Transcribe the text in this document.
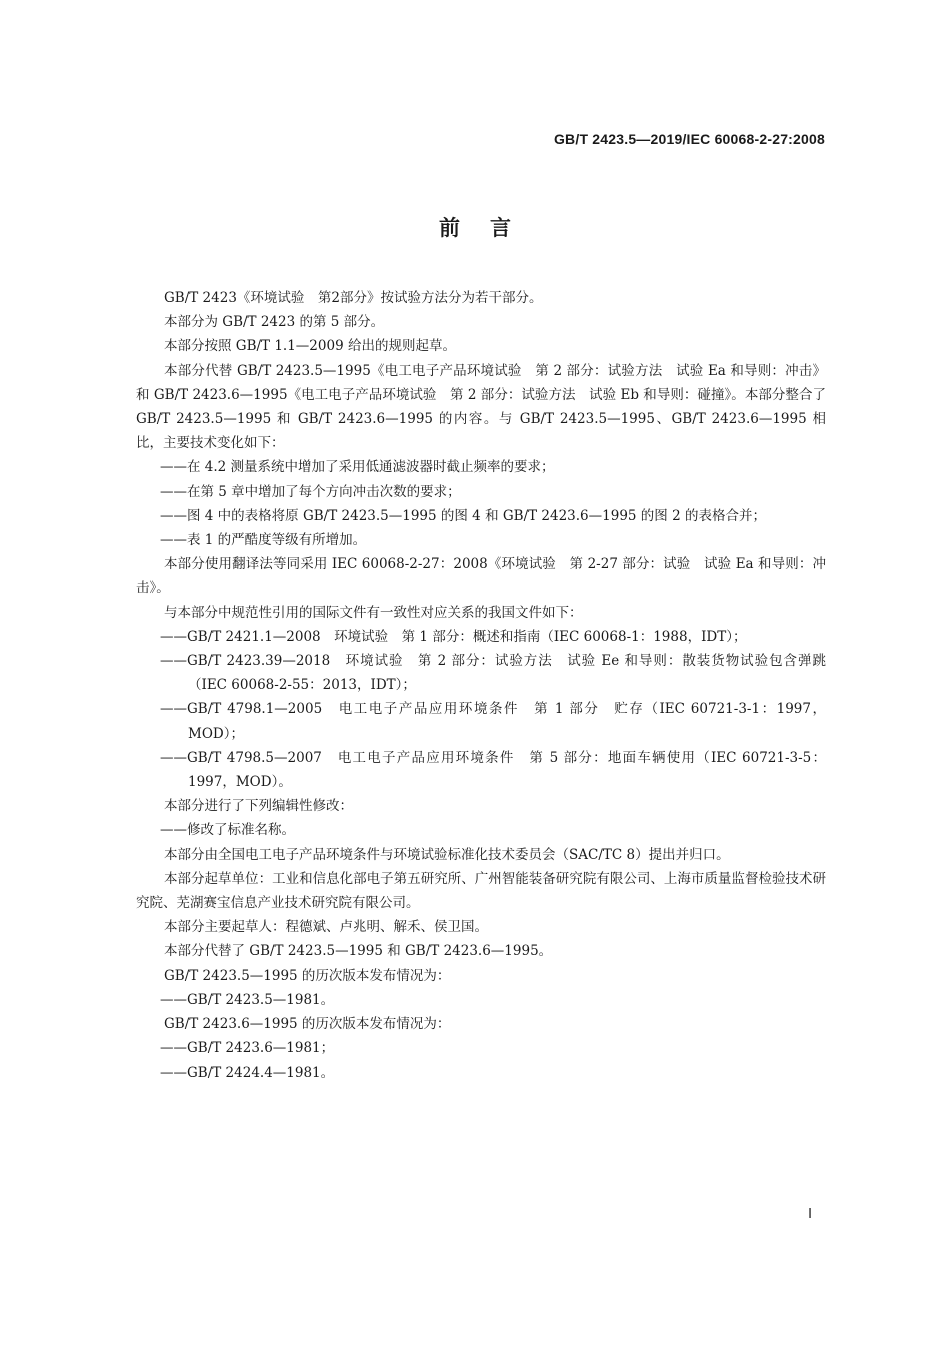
GB/T 2423.5—2019/IEC 60068-2-27:2008
前言

GB/T 2423《环境试验　第2部分》按试验方法分为若干部分。

本部分为 GB/T 2423 的第 5 部分。

本部分按照 GB/T 1.1—2009 给出的规则起草。

本部分代替 GB/T 2423.5—1995《电工电子产品环境试验　第 2 部分：试验方法　试验 Ea 和导则：冲击》和 GB/T 2423.6—1995《电工电子产品环境试验　第 2 部分：试验方法　试验 Eb 和导则：碰撞》。本部分整合了 GB/T 2423.5—1995 和 GB/T 2423.6—1995 的内容。与 GB/T 2423.5—1995、GB/T 2423.6—1995 相比，主要技术变化如下：

——在 4.2 测量系统中增加了采用低通滤波器时截止频率的要求；

——在第 5 章中增加了每个方向冲击次数的要求；

——图 4 中的表格将原 GB/T 2423.5—1995 的图 4 和 GB/T 2423.6—1995 的图 2 的表格合并；

——表 1 的严酷度等级有所增加。

本部分使用翻译法等同采用 IEC 60068-2-27：2008《环境试验　第 2-27 部分：试验　试验 Ea 和导则：冲击》。

与本部分中规范性引用的国际文件有一致性对应关系的我国文件如下：

——GB/T 2421.1—2008　环境试验　第 1 部分：概述和指南（IEC 60068-1：1988，IDT）；

——GB/T 2423.39—2018　环境试验　第 2 部分：试验方法　试验 Ee 和导则：散装货物试验包含弹跳（IEC 60068-2-55：2013，IDT）；

——GB/T 4798.1—2005　电工电子产品应用环境条件　第 1 部分　贮存（IEC 60721-3-1：1997，MOD）；

——GB/T 4798.5—2007　电工电子产品应用环境条件　第 5 部分：地面车辆使用（IEC 60721-3-5：1997，MOD）。

本部分进行了下列编辑性修改：

——修改了标准名称。

本部分由全国电工电子产品环境条件与环境试验标准化技术委员会（SAC/TC 8）提出并归口。

本部分起草单位：工业和信息化部电子第五研究所、广州智能装备研究院有限公司、上海市质量监督检验技术研究院、芜湖赛宝信息产业技术研究院有限公司。

本部分主要起草人：程德斌、卢兆明、解禾、侯卫国。

本部分代替了 GB/T 2423.5—1995 和 GB/T 2423.6—1995。

GB/T 2423.5—1995 的历次版本发布情况为：

——GB/T 2423.5—1981。

GB/T 2423.6—1995 的历次版本发布情况为：

——GB/T 2423.6—1981；

——GB/T 2424.4—1981。

I
